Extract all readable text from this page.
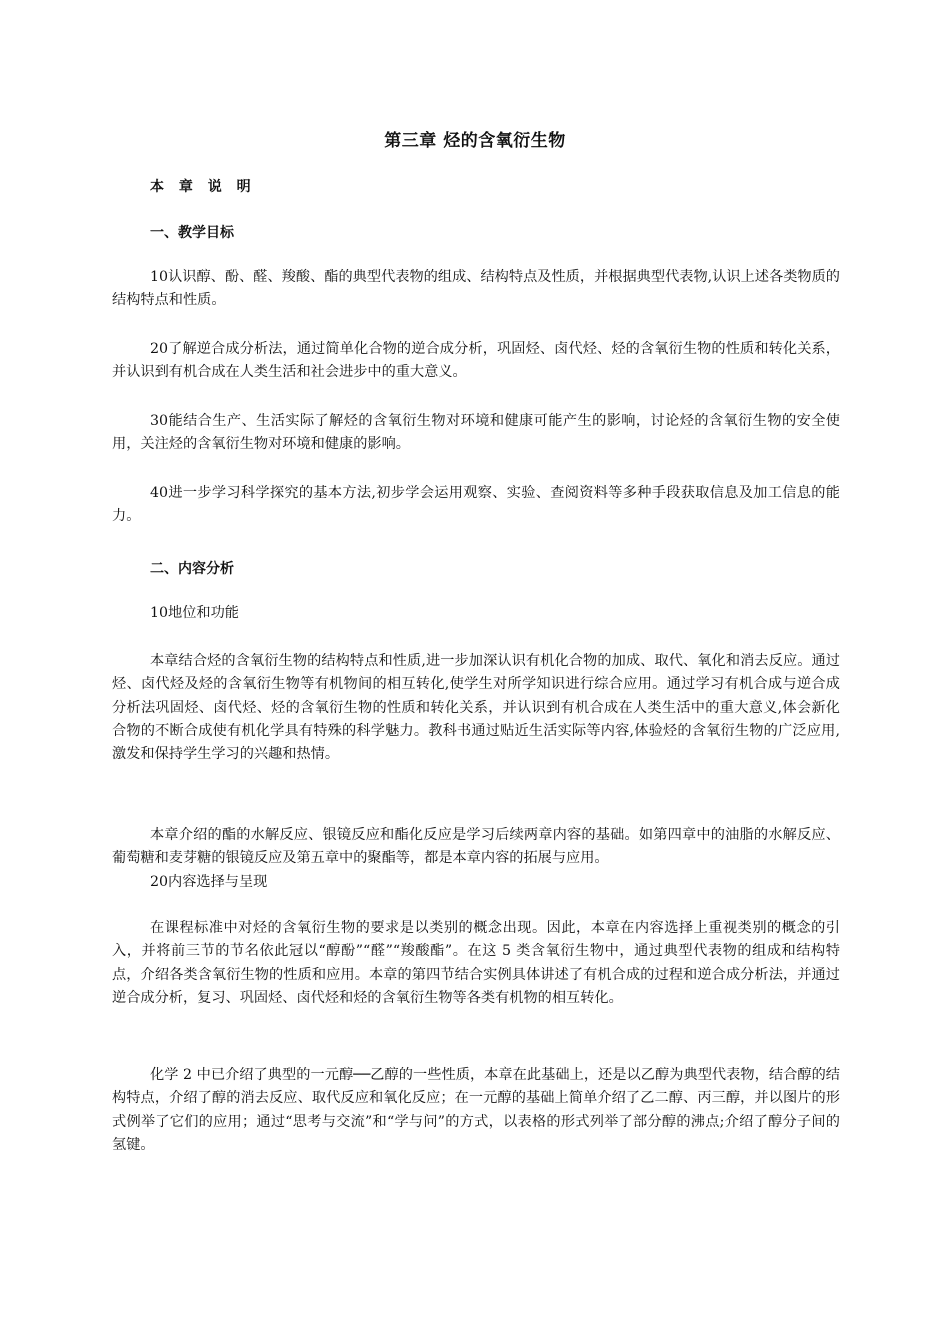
第三章 烃的含氧衍生物
本 章 说 明
一、教学目标

10认识醇、酚、醛、羧酸、酯的典型代表物的组成、结构特点及性质，并根据典型代表物,认识上述各类物质的结构特点和性质。

20了解逆合成分析法，通过简单化合物的逆合成分析，巩固烃、卤代烃、烃的含氧衍生物的性质和转化关系，并认识到有机合成在人类生活和社会进步中的重大意义。

30能结合生产、生活实际了解烃的含氧衍生物对环境和健康可能产生的影响，讨论烃的含氧衍生物的安全使用，关注烃的含氧衍生物对环境和健康的影响。

40进一步学习科学探究的基本方法,初步学会运用观察、实验、查阅资料等多种手段获取信息及加工信息的能力。

二、内容分析
10地位和功能

本章结合烃的含氧衍生物的结构特点和性质,进一步加深认识有机化合物的加成、取代、氧化和消去反应。通过烃、卤代烃及烃的含氧衍生物等有机物间的相互转化,使学生对所学知识进行综合应用。通过学习有机合成与逆合成分析法巩固烃、卤代烃、烃的含氧衍生物的性质和转化关系，并认识到有机合成在人类生活中的重大意义,体会新化合物的不断合成使有机化学具有特殊的科学魅力。教科书通过贴近生活实际等内容,体验烃的含氧衍生物的广泛应用,激发和保持学生学习的兴趣和热情。

本章介绍的酯的水解反应、银镜反应和酯化反应是学习后续两章内容的基础。如第四章中的油脂的水解反应、葡萄糖和麦芽糖的银镜反应及第五章中的聚酯等，都是本章内容的拓展与应用。

20内容选择与呈现

在课程标准中对烃的含氧衍生物的要求是以类别的概念出现。因此，本章在内容选择上重视类别的概念的引入，并将前三节的节名依此冠以“醇酚”“醛”“羧酸酯”。在这 5 类含氧衍生物中，通过典型代表物的组成和结构特点，介绍各类含氧衍生物的性质和应用。本章的第四节结合实例具体讲述了有机合成的过程和逆合成分析法，并通过逆合成分析，复习、巩固烃、卤代烃和烃的含氧衍生物等各类有机物的相互转化。

化学 2 中已介绍了典型的一元醇──乙醇的一些性质，本章在此基础上，还是以乙醇为典型代表物，结合醇的结构特点，介绍了醇的消去反应、取代反应和氧化反应；在一元醇的基础上简单介绍了乙二醇、丙三醇，并以图片的形式例举了它们的应用；通过“思考与交流”和“学与问”的方式，以表格的形式列举了部分醇的沸点;介绍了醇分子间的氢键。
